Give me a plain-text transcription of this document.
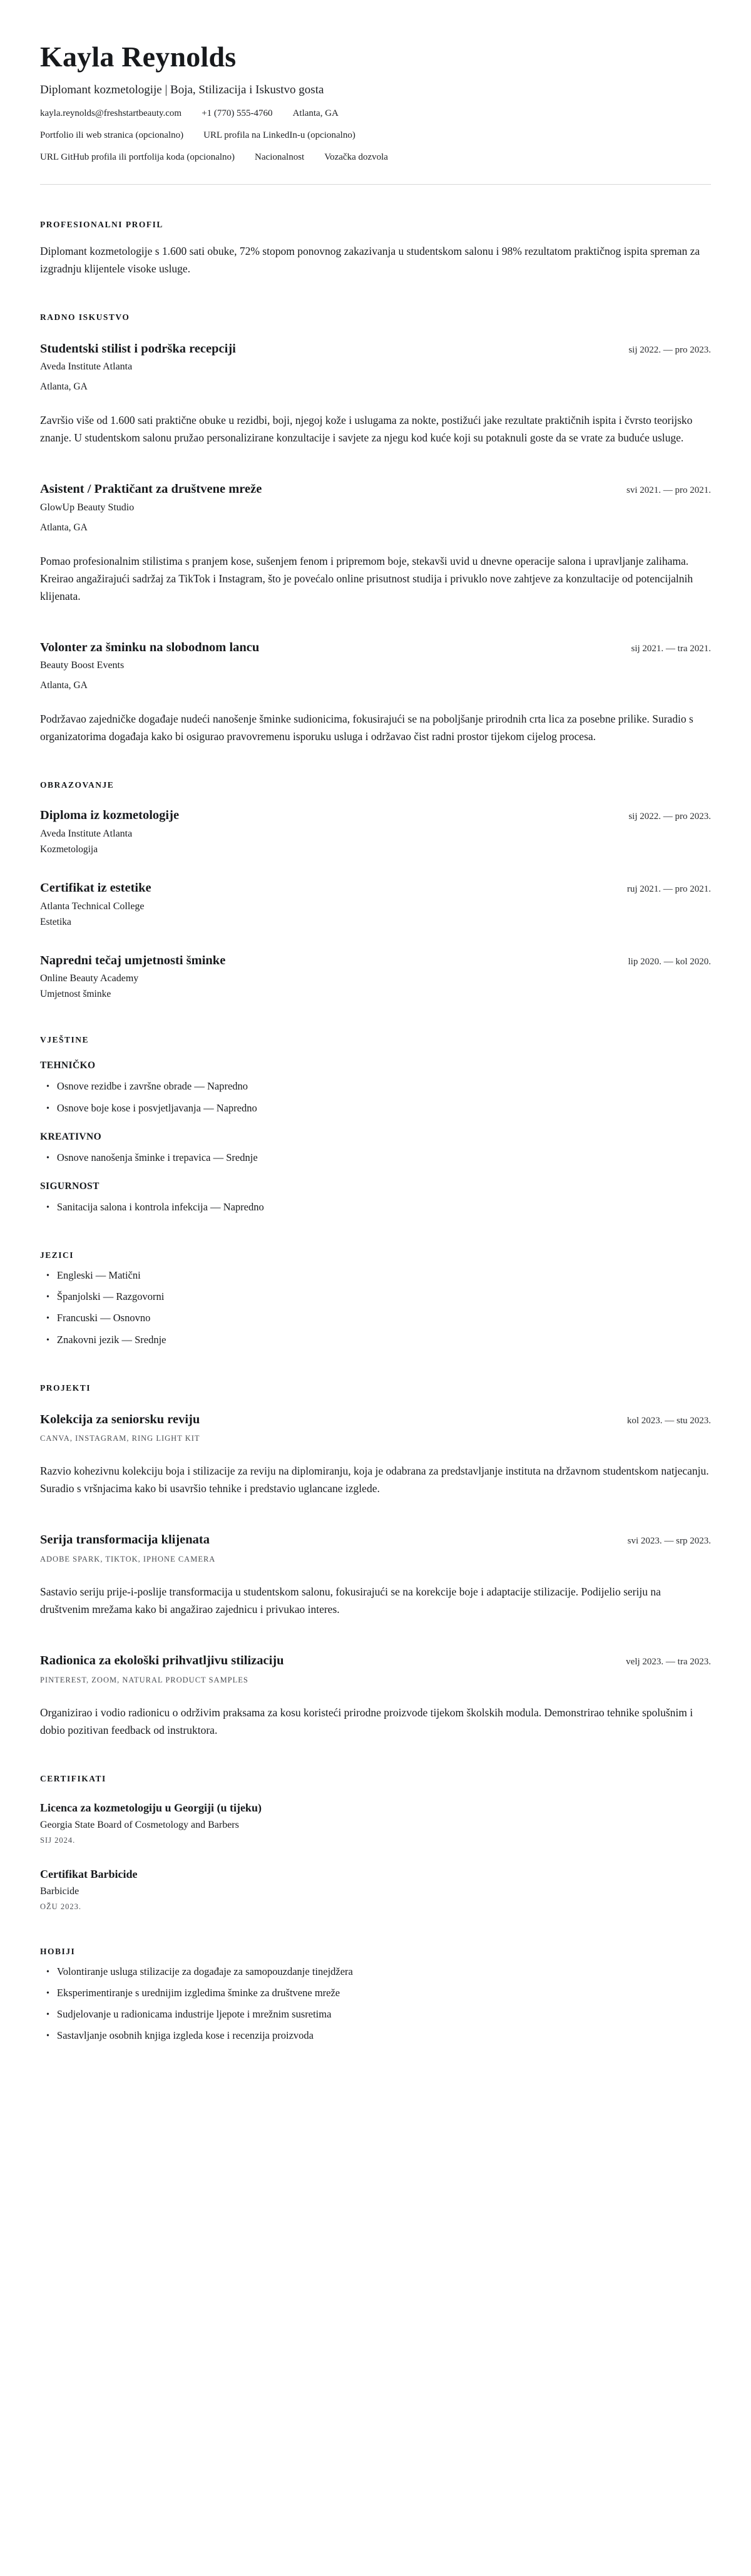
Kayla Reynolds

Diplomant kozmetologije | Boja, Stilizacija i Iskustvo gosta

kayla.reynolds@freshstartbeauty.com +1 (770) 555-4760 Atlanta, GA
Portfolio ili web stranica (opcionalno) URL profila na LinkedIn-u (opcionalno)
URL GitHub profila ili portfolija koda (opcionalno) Nacionalnost Vozačka dozvola
PROFESIONALNI PROFIL

Diplomant kozmetologije s 1.600 sati obuke, 72% stopom ponovnog zakazivanja u studentskom salonu i 98% rezultatom praktičnog ispita spreman za izgradnju klijentele visoke usluge.

RADNO ISKUSTVO
Studentski stilist i podrška recepciji	sij 2022. — pro 2023.

Aveda Institute Atlanta

Atlanta, GA

Završio više od 1.600 sati praktične obuke u rezidbi, boji, njegoj kože i uslugama za nokte, postižući jake rezultate praktičnih ispita i čvrsto teorijsko znanje. U studentskom salonu pružao personalizirane konzultacije i savjete za njegu kod kuće koji su potaknuli goste da se vrate za buduće usluge.

Asistent / Praktičant za društvene mreže	svi 2021. — pro 2021.

GlowUp Beauty Studio

Atlanta, GA

Pomao profesionalnim stilistima s pranjem kose, sušenjem fenom i pripremom boje, stekavši uvid u dnevne operacije salona i upravljanje zalihama. Kreirao angažirajući sadržaj za TikTok i Instagram, što je povećalo online prisutnost studija i privuklo nove zahtjeve za konzultacije od potencijalnih klijenata.

Volonter za šminku na slobodnom lancu	sij 2021. — tra 2021.

Beauty Boost Events

Atlanta, GA

Podržavao zajedničke događaje nudeći nanošenje šminke sudionicima, fokusirajući se na poboljšanje prirodnih crta lica za posebne prilike. Suradio s organizatorima događaja kako bi osigurao pravovremenu isporuku usluga i održavao čist radni prostor tijekom cijelog procesa.

OBRAZOVANJE
Diploma iz kozmetologije	sij 2022. — pro 2023.

Aveda Institute Atlanta

Kozmetologija

Certifikat iz estetike	ruj 2021. — pro 2021.

Atlanta Technical College

Estetika

Napredni tečaj umjetnosti šminke	lip 2020. — kol 2020.

Online Beauty Academy

Umjetnost šminke

VJEŠTINE
TEHNIČKO
• Osnove rezidbe i završne obrade — Napredno
• Osnove boje kose i posvjetljavanja — Napredno
KREATIVNO
• Osnove nanošenja šminke i trepavica — Srednje
SIGURNOST
• Sanitacija salona i kontrola infekcija — Napredno
JEZICI
• Engleski — Matični
• Španjolski — Razgovorni
• Francuski — Osnovno
• Znakovni jezik — Srednje
PROJEKTI
Kolekcija za seniorsku reviju	kol 2023. — stu 2023.

CANVA, INSTAGRAM, RING LIGHT KIT

Razvio kohezivnu kolekciju boja i stilizacije za reviju na diplomiranju, koja je odabrana za predstavljanje instituta na državnom studentskom natjecanju. Suradio s vršnjacima kako bi usavršio tehnike i predstavio uglancane izglede.

Serija transformacija klijenata	svi 2023. — srp 2023.

ADOBE SPARK, TIKTOK, IPHONE CAMERA

Sastavio seriju prije-i-poslije transformacija u studentskom salonu, fokusirajući se na korekcije boje i adaptacije stilizacije. Podijelio seriju na društvenim mrežama kako bi angažirao zajednicu i privukao interes.

Radionica za ekološki prihvatljivu stilizaciju	velj 2023. — tra 2023.

PINTEREST, ZOOM, NATURAL PRODUCT SAMPLES

Organizirao i vodio radionicu o održivim praksama za kosu koristeći prirodne proizvode tijekom školskih modula. Demonstrirao tehnike spolušnim i dobio pozitivan feedback od instruktora.

CERTIFIKATI
Licenca za kozmetologiju u Georgiji (u tijeku)

Georgia State Board of Cosmetology and Barbers

SIJ 2024.

Certifikat Barbicide

Barbicide

OŽU 2023.

HOBIJI
• Volontiranje usluga stilizacije za događaje za samopouzdanje tinejdžera
• Eksperimentiranje s urednijim izgledima šminke za društvene mreže
• Sudjelovanje u radionicama industrije ljepote i mrežnim susretima
• Sastavljanje osobnih knjiga izgleda kose i recenzija proizvoda
